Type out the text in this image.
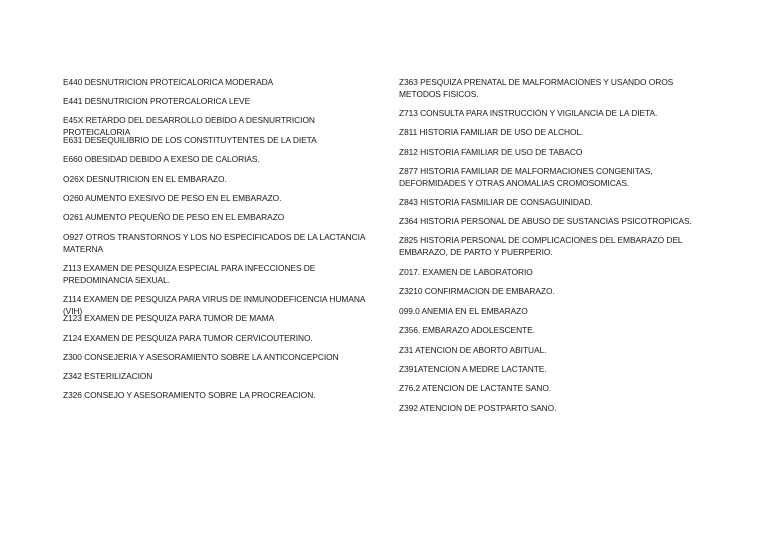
E440 DESNUTRICION PROTEICALORICA MODERADA
E441 DESNUTRICION PROTERCALORICA LEVE
E45X RETARDO DEL DESARROLLO DEBIDO A DESNURTRICION PROTEICALORIA
E631 DESEQUILIBRIO DE LOS CONSTITUYTENTES DE LA DIETA
E660 OBESIDAD DEBIDO A EXESO DE CALORIAS.
O26X DESNUTRICION EN EL EMBARAZO.
O260 AUMENTO EXESIVO DE PESO EN EL EMBARAZO.
O261 AUMENTO PEQUEÑO DE PESO EN EL EMBARAZO
O927 OTROS TRANSTORNOS Y LOS NO ESPECIFICADOS DE LA LACTANCIA MATERNA
Z113 EXAMEN DE PESQUIZA ESPECIAL PARA INFECCIONES DE PREDOMINANCIA SEXUAL.
Z114 EXAMEN DE PESQUIZA PARA VIRUS DE INMUNODEFICENCIA HUMANA (VIH)
Z123 EXAMEN DE PESQUIZA PARA TUMOR DE MAMA
Z124 EXAMEN DE PESQUIZA PARA TUMOR CERVICOUTERINO.
Z300 CONSEJERIA Y ASESORAMIENTO SOBRE LA ANTICONCEPCION
Z342 ESTERILIZACION
Z326 CONSEJO Y ASESORAMIENTO SOBRE LA PROCREACION.
Z363 PESQUIZA PRENATAL DE MALFORMACIONES Y USANDO OROS METODOS FISICOS.
Z713 CONSULTA PARA INSTRUCCIÓN Y VIGILANCIA DE LA DIETA.
Z811 HISTORIA FAMILIAR DE USO DE ALCHOL.
Z812 HISTORIA FAMILIAR DE USO DE TABACO
Z877 HISTORIA FAMILIAR DE MALFORMACIONES CONGENITAS, DEFORMIDADES Y OTRAS ANOMALIAS CROMOSOMICAS.
Z843 HISTORIA FASMILIAR DE CONSAGUINIDAD.
Z364 HISTORIA PERSONAL DE ABUSO DE SUSTANCIAS PSICOTROPICAS.
Z825 HISTORIA PERSONAL DE COMPLICACIONES DEL EMBARAZO DEL EMBARAZO, DE PARTO Y PUERPERIO.
Z017. EXAMEN DE LABORATORIO
Z3210 CONFIRMACION DE EMBARAZO.
099.0 ANEMIA EN EL EMBARAZO
Z356. EMBARAZO ADOLESCENTE.
Z31 ATENCION DE ABORTO ABITUAL.
Z391ATENCION A MEDRE LACTANTE.
Z76.2 ATENCION DE LACTANTE SANO.
Z392 ATENCION DE POSTPARTO SANO.
